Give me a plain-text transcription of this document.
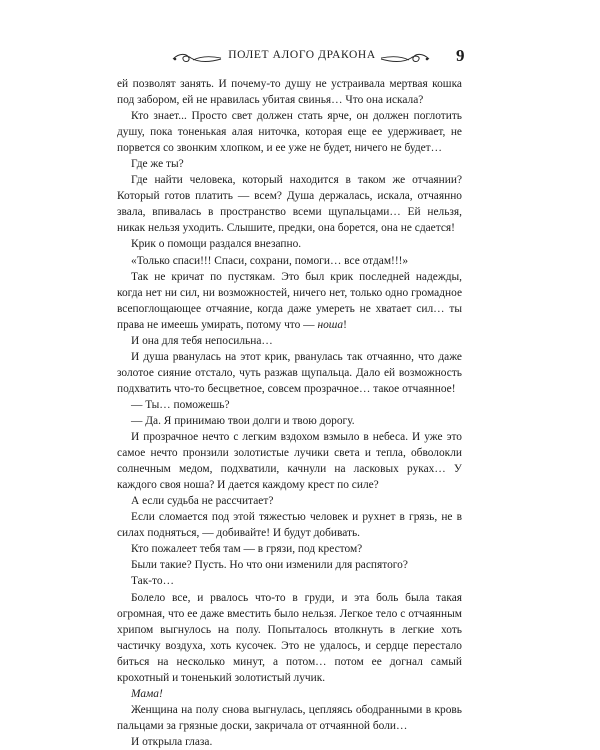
ПОЛЕТ АЛОГО ДРАКОНА	9

ей позволят занять. И почему-то душу не устраивала мертвая кошка под забором, ей не нравилась убитая свинья… Что она искала?

Кто знает... Просто свет должен стать ярче, он должен поглотить душу, пока тоненькая алая ниточка, которая еще ее удерживает, не порвется со звонким хлопком, и ее уже не будет, ничего не будет…

Где же ты?

Где найти человека, который находится в таком же отчаянии? Который готов платить — всем? Душа держалась, искала, отчаянно звала, впивалась в пространство всеми щупальцами… Ей нельзя, никак нельзя уходить. Слышите, предки, она борется, она не сдается!

Крик о помощи раздался внезапно.

«Только спаси!!! Спаси, сохрани, помоги… все отдам!!!»

Так не кричат по пустякам. Это был крик последней надежды, когда нет ни сил, ни возможностей, ничего нет, только одно громадное всепоглощающее отчаяние, когда даже умереть не хватает сил… ты права не имеешь умирать, потому что — ноша!

И она для тебя непосильна…

И душа рванулась на этот крик, рванулась так отчаянно, что даже золотое сияние отстало, чуть разжав щупальца. Дало ей возможность подхватить что-то бесцветное, совсем прозрачное… такое отчаянное!

— Ты… поможешь?

— Да. Я принимаю твои долги и твою дорогу.

И прозрачное нечто с легким вздохом взмыло в небеса. И уже это самое нечто пронзили золотистые лучики света и тепла, обволокли солнечным медом, подхватили, качнули на ласковых руках… У каждого своя ноша? И дается каждому крест по силе?

А если судьба не рассчитает?

Если сломается под этой тяжестью человек и рухнет в грязь, не в силах подняться, — добивайте! И будут добивать.

Кто пожалеет тебя там — в грязи, под крестом?

Были такие? Пусть. Но что они изменили для распятого?

Так-то…

Болело все, и рвалось что-то в груди, и эта боль была такая огромная, что ее даже вместить было нельзя. Легкое тело с отчаянным хрипом выгнулось на полу. Попыталось втолкнуть в легкие хоть частичку воздуха, хоть кусочек. Это не удалось, и сердце перестало биться на несколько минут, а потом… потом ее догнал самый крохотный и тоненький золотистый лучик.

Мама!

Женщина на полу снова выгнулась, цепляясь ободранными в кровь пальцами за грязные доски, закричала от отчаянной боли…

И открыла глаза.
